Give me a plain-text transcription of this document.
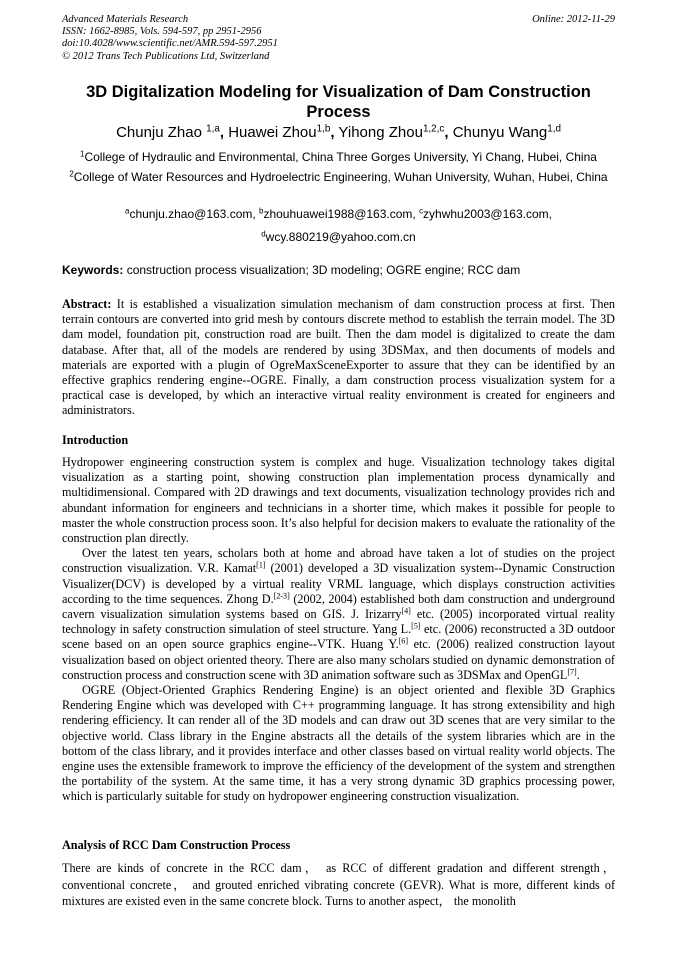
Advanced Materials Research
ISSN: 1662-8985, Vols. 594-597, pp 2951-2956
doi:10.4028/www.scientific.net/AMR.594-597.2951
© 2012 Trans Tech Publications Ltd, Switzerland
Online: 2012-11-29
3D Digitalization Modeling for Visualization of Dam Construction Process
Chunju Zhao $^{1,a}$, Huawei Zhou$^{1,b}$, Yihong Zhou$^{1,2,c}$, Chunyu Wang$^{1,d}$
$^1$College of Hydraulic and Environmental, China Three Gorges University, Yi Chang, Hubei, China
$^2$College of Water Resources and Hydroelectric Engineering, Wuhan University, Wuhan, Hubei, China
$^a$chunju.zhao@163.com, $^b$zhouhuawei1988@163.com, $^c$zyhwhu2003@163.com,
$^d$wcy.880219@yahoo.com.cn
Keywords: construction process visualization; 3D modeling; OGRE engine; RCC dam
Abstract: It is established a visualization simulation mechanism of dam construction process at first. Then terrain contours are converted into grid mesh by contours discrete method to establish the terrain model. The 3D dam model, foundation pit, construction road are built. Then the dam model is digitalized to create the dam database. After that, all of the models are rendered by using 3DSMax, and then documents of models and materials are exported with a plugin of OgreMaxSceneExporter to assure that they can be identified by an effective graphics rendering engine--OGRE. Finally, a dam construction process visualization system for a practical case is developed, by which an interactive virtual reality environment is created for engineers and administrators.
Introduction

Hydropower engineering construction system is complex and huge. Visualization technology takes digital visualization as a starting point, showing construction plan implementation process dynamically and multidimensional. Compared with 2D drawings and text documents, visualization technology provides rich and abundant information for engineers and technicians in a shorter time, which makes it possible for people to master the whole construction process soon. It’s also helpful for decision makers to evaluate the rationality of the construction plan directly.

Over the latest ten years, scholars both at home and abroad have taken a lot of studies on the project construction visualization. V.R. Kamat[1] (2001) developed a 3D visualization system--Dynamic Construction Visualizer(DCV) is developed by a virtual reality VRML language, which displays construction activities according to the time sequences. Zhong D.[2-3] (2002, 2004) established both dam construction and underground cavern visualization simulation systems based on GIS. J. Irizarry[4] etc. (2005) incorporated virtual reality technology in safety construction simulation of steel structure. Yang L.[5] etc. (2006) reconstructed a 3D outdoor scene based on an open source graphics engine--VTK. Huang Y.[6] etc. (2006) realized construction layout visualization based on object oriented theory. There are also many scholars studied on dynamic demonstration of construction process and construction scene with 3D animation software such as 3DSMax and OpenGL[7].

OGRE (Object-Oriented Graphics Rendering Engine) is an object oriented and flexible 3D Graphics Rendering Engine which was developed with C++ programming language. It has strong extensibility and high rendering efficiency. It can render all of the 3D models and can draw out 3D scenes that are very similar to the objective world. Class library in the Engine abstracts all the details of the system libraries which are in the bottom of the class library, and it provides interface and other classes based on virtual reality world objects. The engine uses the extensible framework to improve the efficiency of the development of the system and strengthen the portability of the system. At the same time, it has a very strong dynamic 3D graphics processing power, which is particularly suitable for study on hydropower engineering construction visualization.

Analysis of RCC Dam Construction Process
There are kinds of concrete in the RCC dam， as RCC of different gradation and different strength， conventional concrete， and grouted enriched vibrating concrete (GEVR). What is more, different kinds of mixtures are existed even in the same concrete block. Turns to another aspect， the monolith
